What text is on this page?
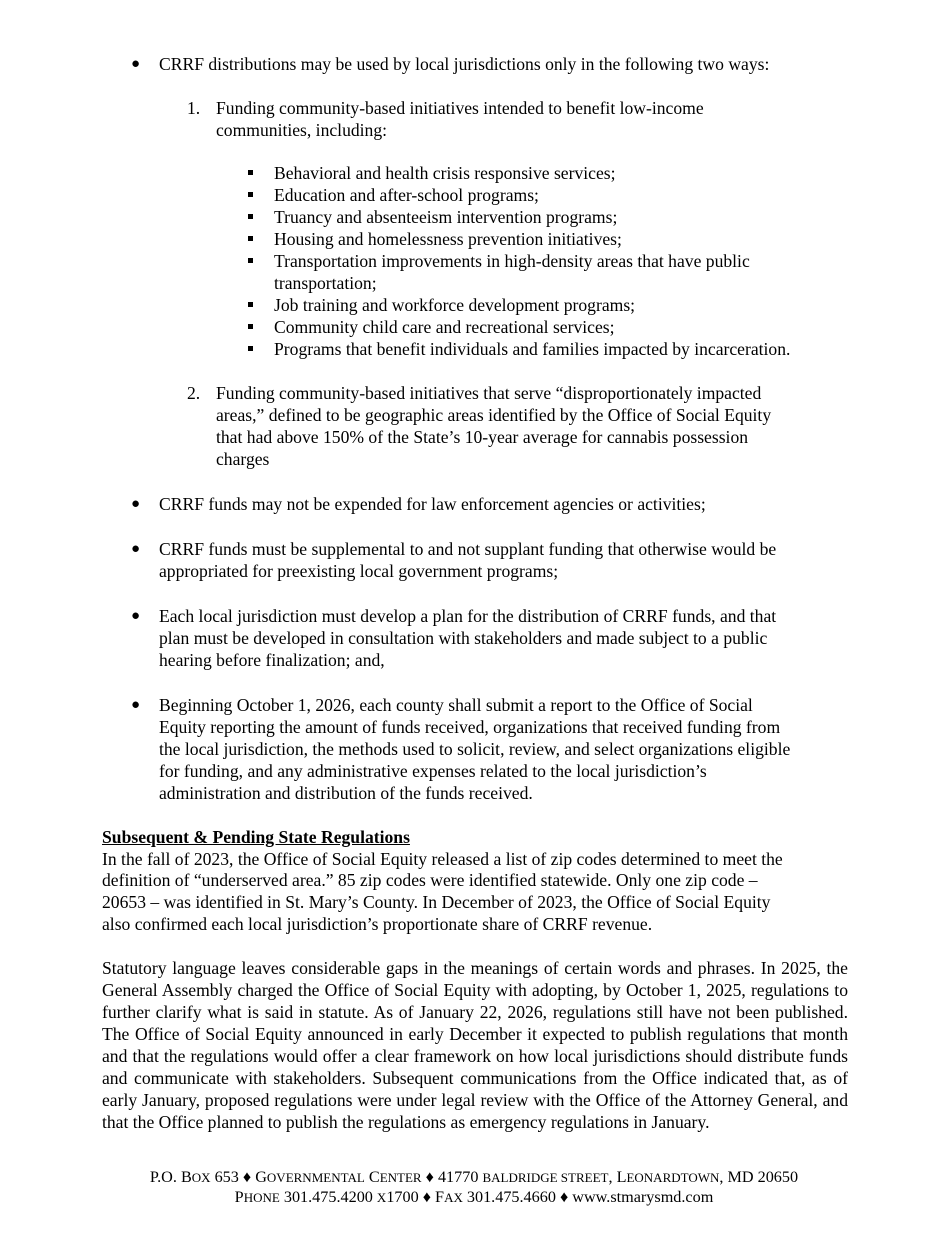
● CRRF distributions may be used by local jurisdictions only in the following two ways:
1. Funding community-based initiatives intended to benefit low-income
communities, including:
Behavioral and health crisis responsive services;
Education and after-school programs;
Truancy and absenteeism intervention programs;
Housing and homelessness prevention initiatives;
Transportation improvements in high-density areas that have public
transportation;
Job training and workforce development programs;
Community child care and recreational services;
Programs that benefit individuals and families impacted by incarceration.
2. Funding community-based initiatives that serve “disproportionately impacted
areas,” defined to be geographic areas identified by the Office of Social Equity
that had above 150% of the State’s 10-year average for cannabis possession
charges
● CRRF funds may not be expended for law enforcement agencies or activities;
● CRRF funds must be supplemental to and not supplant funding that otherwise would be
appropriated for preexisting local government programs;
● Each local jurisdiction must develop a plan for the distribution of CRRF funds, and that
plan must be developed in consultation with stakeholders and made subject to a public
hearing before finalization; and,
● Beginning October 1, 2026, each county shall submit a report to the Office of Social
Equity reporting the amount of funds received, organizations that received funding from
the local jurisdiction, the methods used to solicit, review, and select organizations eligible
for funding, and any administrative expenses related to the local jurisdiction’s
administration and distribution of the funds received.
Subsequent & Pending State Regulations
In the fall of 2023, the Office of Social Equity released a list of zip codes determined to meet the
definition of “underserved area.” 85 zip codes were identified statewide. Only one zip code –
20653 – was identified in St. Mary’s County. In December of 2023, the Office of Social Equity
also confirmed each local jurisdiction’s proportionate share of CRRF revenue.
Statutory language leaves considerable gaps in the meanings of certain words and phrases. In 2025, the General Assembly charged the Office of Social Equity with adopting, by October 1, 2025, regulations to further clarify what is said in statute. As of January 22, 2026, regulations still have not been published. The Office of Social Equity announced in early December it expected to publish regulations that month and that the regulations would offer a clear framework on how local jurisdictions should distribute funds and communicate with stakeholders. Subsequent communications from the Office indicated that, as of early January, proposed regulations were under legal review with the Office of the Attorney General, and that the Office planned to publish the regulations as emergency regulations in January.
P.O. BOX 653 ♦ GOVERNMENTAL CENTER ♦ 41770 BALDRIDGE STREET, LEONARDTOWN, MD 20650
PHONE 301.475.4200 X1700 ♦ FAX 301.475.4660 ♦ www.stmarysmd.com
